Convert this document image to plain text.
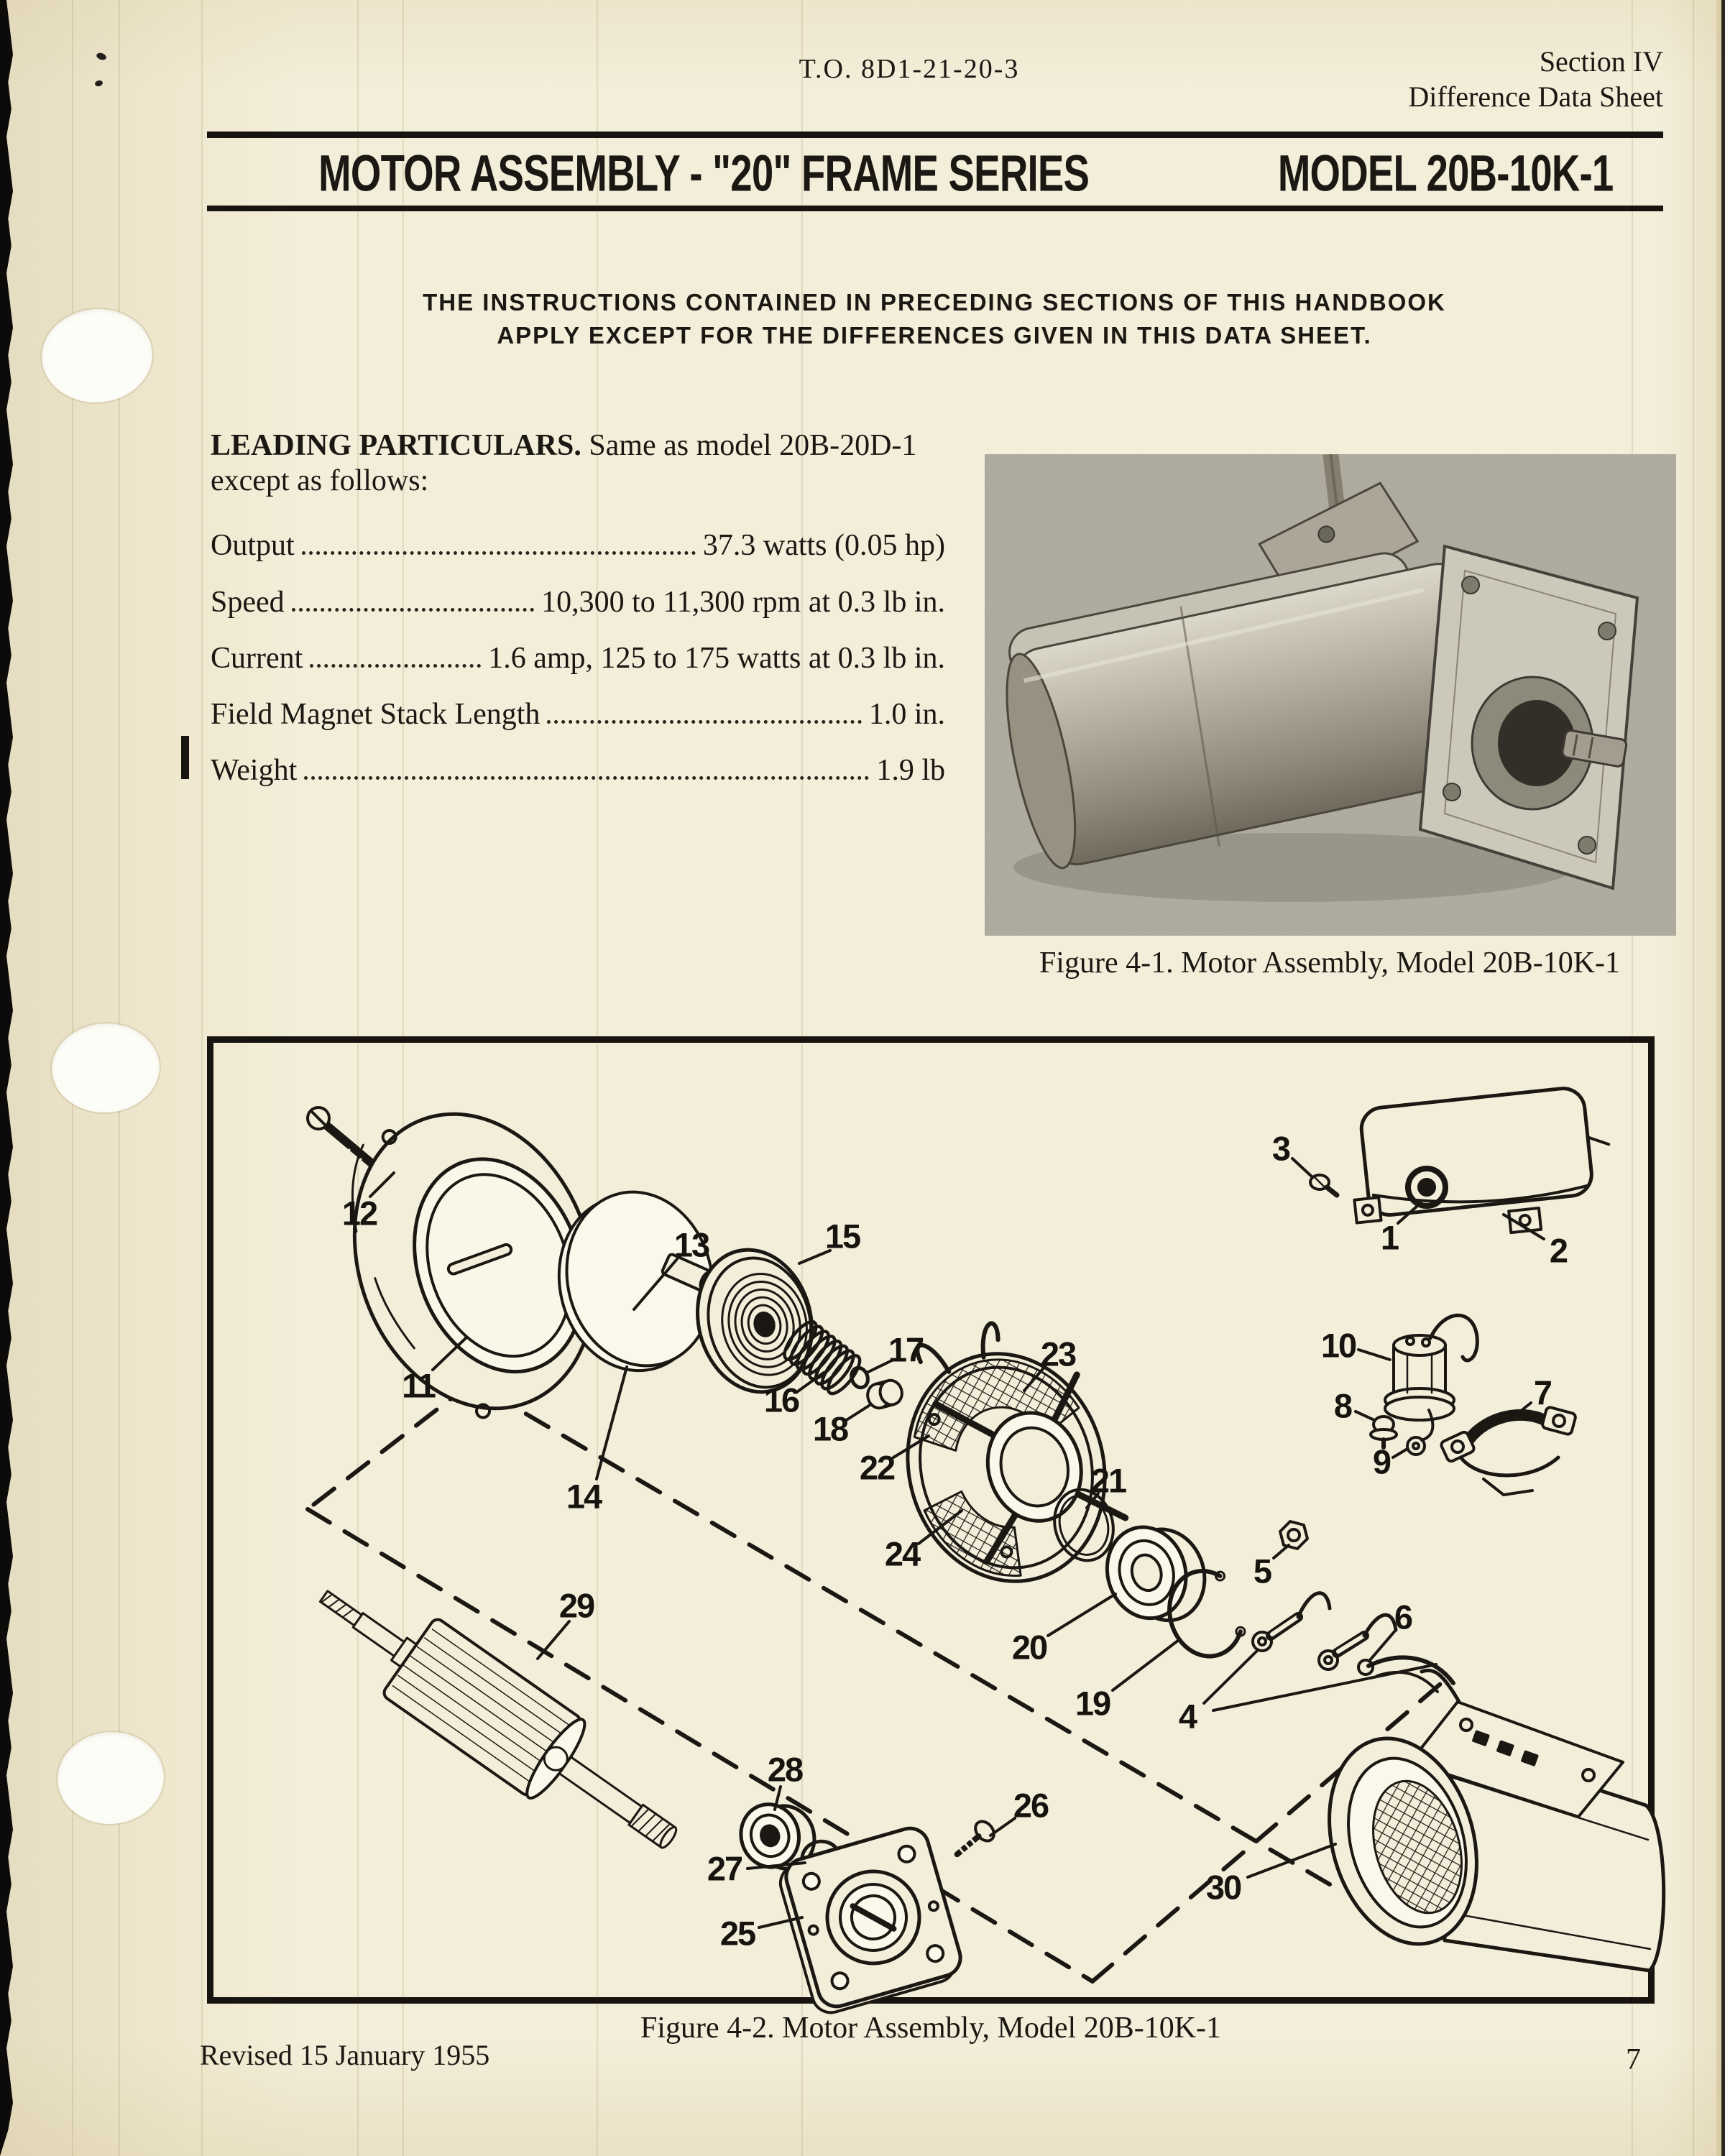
T.O. 8D1-21-20-3	Section IV
Difference Data Sheet
MOTOR ASSEMBLY - "20" FRAME SERIES	MODEL 20B-10K-1
THE INSTRUCTIONS CONTAINED IN PRECEDING SECTIONS OF THIS HANDBOOK
APPLY EXCEPT FOR THE DIFFERENCES GIVEN IN THIS DATA SHEET.
LEADING PARTICULARS. Same as model 20B-20D-1
except as follows:
Output	37.3 watts (0.05 hp)
Speed	10,300 to 11,300 rpm at 0.3 lb in.
Current	1.6 amp, 125 to 175 watts at 0.3 lb in.
Field Magnet Stack Length	1.0 in.
Weight	1.9 lb
Figure 4-1. Motor Assembly, Model 20B-10K-1
1	2
3
4
5
6
7
8
9
10
11
12
13
14
15
16
17
18
19
20
21
22
23
24
25
26
27
28
29
30
Figure 4-2. Motor Assembly, Model 20B-10K-1
Revised 15 January 1955	7
